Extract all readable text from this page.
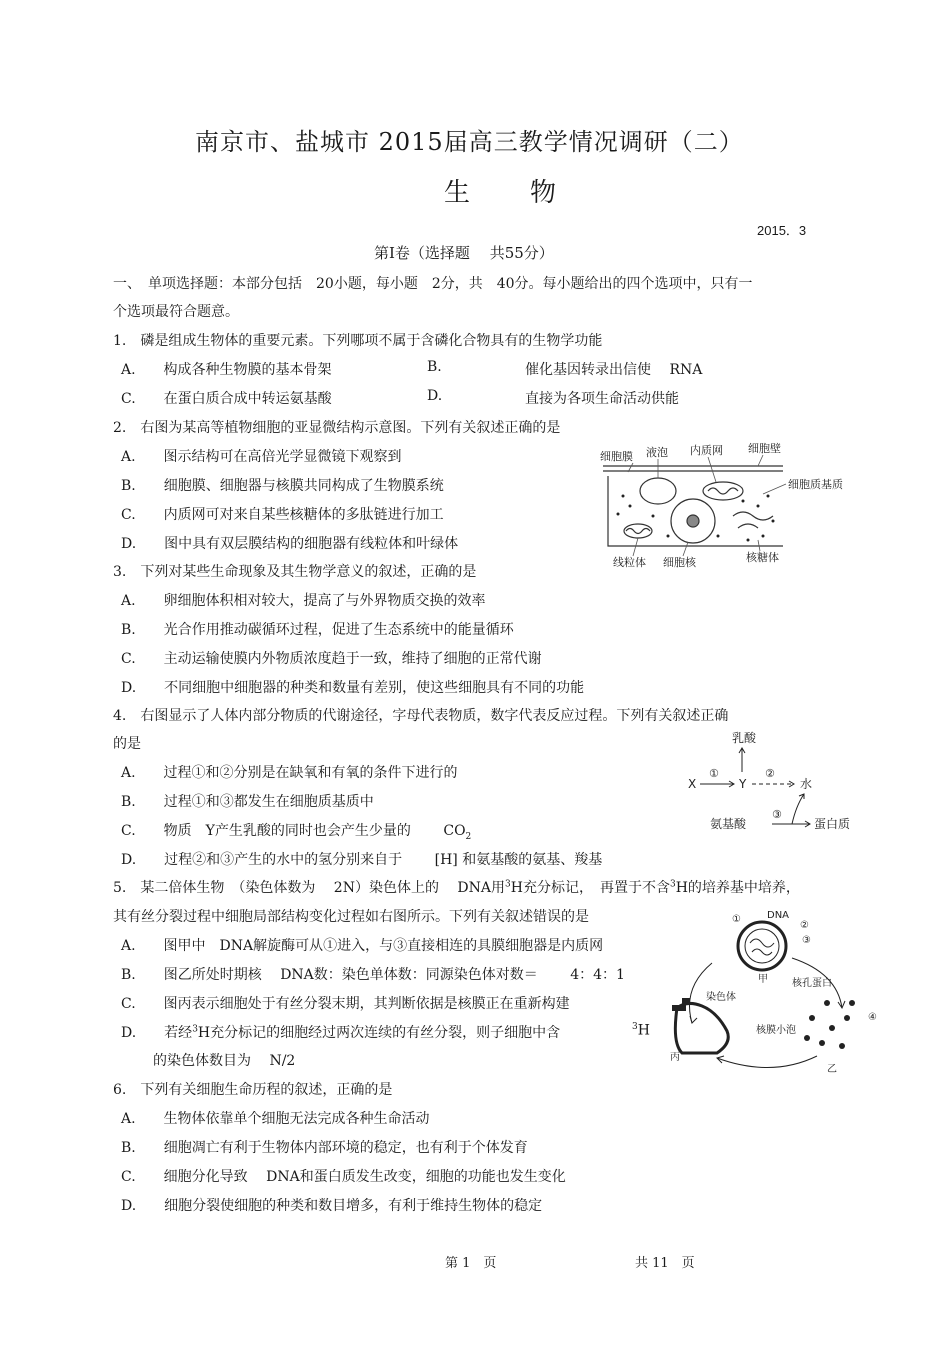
南京市、盐城市 2015届高三教学情况调研（二）
生 物
2015．3
第Ⅰ卷（选择题　 共55分）
一、　单项选择题：本部分包括　20小题，每小题　2分，共　40分。每小题给出的四个选项中，只有一
个选项最符合题意。
1.　磷是组成生物体的重要元素。下列哪项不属于含磷化合物具有的生物学功能
A.　　构成各种生物膜的基本骨架	B.	催化基因转录出信使　 RNA
C.　　在蛋白质合成中转运氨基酸	D.	直接为各项生命活动供能
2.　右图为某高等植物细胞的亚显微结构示意图。下列有关叙述正确的是
A.　　图示结构可在高倍光学显微镜下观察到
B.　　细胞膜、细胞器与核膜共同构成了生物膜系统
C.　　内质网可对来自某些核糖体的多肽链进行加工
D.　　图中具有双层膜结构的细胞器有线粒体和叶绿体
细胞膜 液泡 内质网 细胞壁
细胞质基质
线粒体 细胞核	核糖体
3.　下列对某些生命现象及其生物学意义的叙述，正确的是
A.　　卵细胞体积相对较大，提高了与外界物质交换的效率
B.　　光合作用推动碳循环过程，促进了生态系统中的能量循环
C.　　主动运输使膜内外物质浓度趋于一致，维持了细胞的正常代谢
D.　　不同细胞中细胞器的种类和数量有差别，使这些细胞具有不同的功能
4.　右图显示了人体内部分物质的代谢途径，字母代表物质，数字代表反应过程。下列有关叙述正确
的是
A.　　过程①和②分别是在缺氧和有氧的条件下进行的
B.　　过程①和③都发生在细胞质基质中
C.　　物质　Y产生乳酸的同时也会产生少量的　　 $CO_2$
D.　　过程②和③产生的水中的氢分别来自于　　 [H] 和氨基酸的氨基、羧基
乳酸
X	Y	水
氨基酸	蛋白质
①	②
③
5.　某二倍体生物　（染色体数为　 2N）染色体上的　 DNA用$^3$H充分标记，　再置于不含$^3$H的培养基中培养，
其有丝分裂过程中细胞局部结构变化过程如右图所示。下列有关叙述错误的是
A.　　图甲中　DNA解旋酶可从①进入，与③直接相连的具膜细胞器是内质网
B.　　图乙所处时期核　 DNA数：染色单体数：同源染色体对数＝　　 4：4：1
C.　　图丙表示细胞处于有丝分裂末期，其判断依据是核膜正在重新构建
D.　　若经$^3$H充分标记的细胞经过两次连续的有丝分裂，则子细胞中含	$^3$H
的染色体数目为　 N/2
DNA
①
②
③
④
甲
乙
丙
核孔蛋白
染色体
核膜小泡
6.　下列有关细胞生命历程的叙述，正确的是
A.　　生物体依靠单个细胞无法完成各种生命活动
B.　　细胞凋亡有利于生物体内部环境的稳定，也有利于个体发育
C.　　细胞分化导致　 DNA和蛋白质发生改变，细胞的功能也发生变化
D.　　细胞分裂使细胞的种类和数目增多，有利于维持生物体的稳定
第 1　页	共 11　页
